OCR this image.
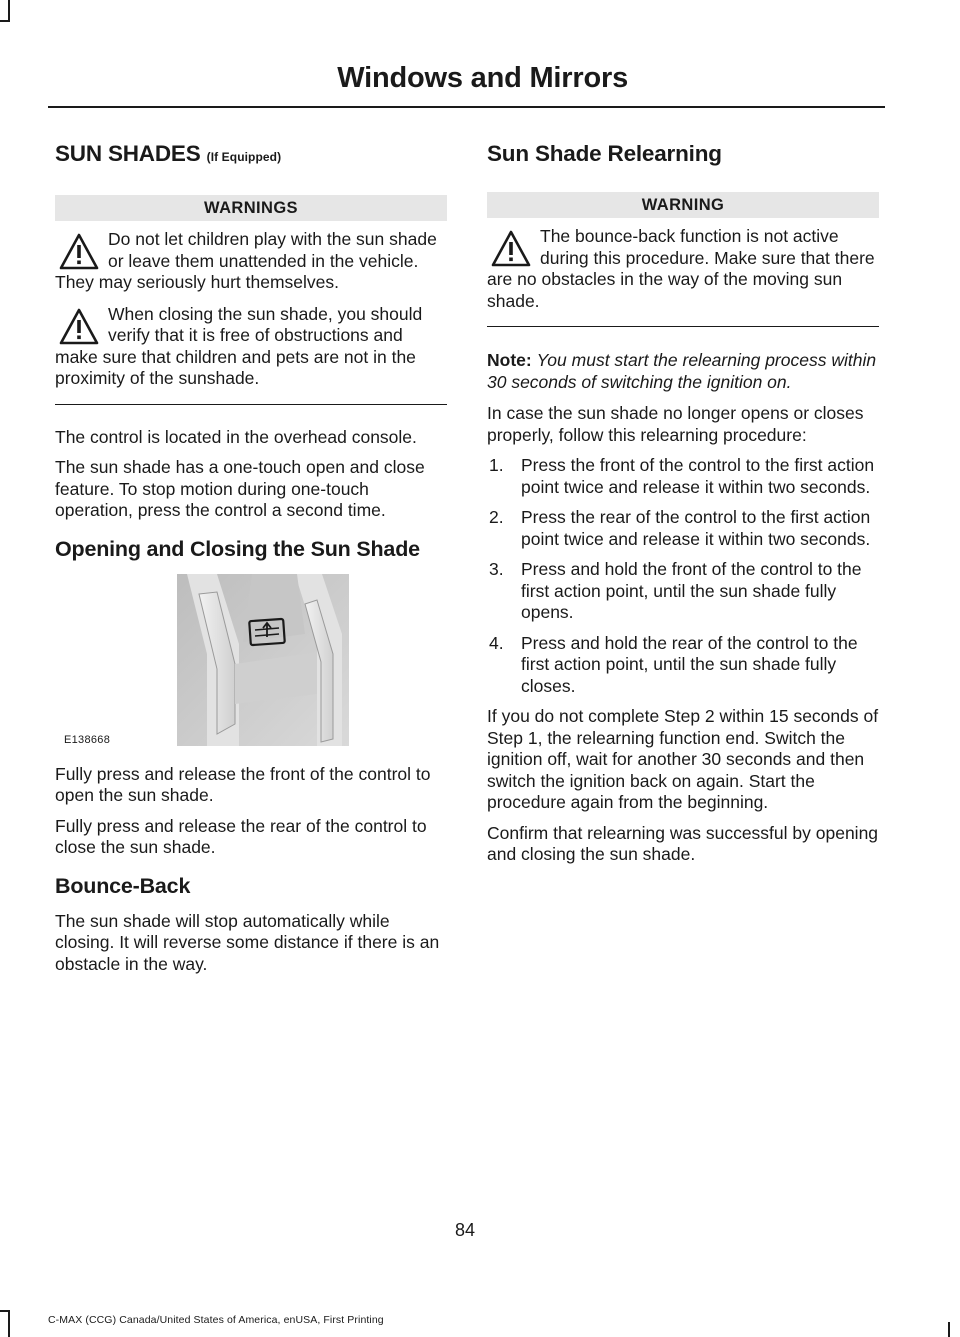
Windows and Mirrors
SUN SHADES (If Equipped)
WARNINGS
Do not let children play with the sun shade or leave them unattended in the vehicle. They may seriously hurt themselves.
When closing the sun shade, you should verify that it is free of obstructions and make sure that children and pets are not in the proximity of the sunshade.

The control is located in the overhead console.

The sun shade has a one-touch open and close feature. To stop motion during one-touch operation, press the control a second time.

Opening and Closing the Sun Shade
E138668

Fully press and release the front of the control to open the sun shade.

Fully press and release the rear of the control to close the sun shade.

Bounce-Back

The sun shade will stop automatically while closing. It will reverse some distance if there is an obstacle in the way.

Sun Shade Relearning
WARNING
The bounce-back function is not active during this procedure. Make sure that there are no obstacles in the way of the moving sun shade.

Note: You must start the relearning process within 30 seconds of switching the ignition on.

In case the sun shade no longer opens or closes properly, follow this relearning procedure:

1. Press the front of the control to the first action point twice and release it within two seconds.
2. Press the rear of the control to the first action point twice and release it within two seconds.
3. Press and hold the front of the control to the first action point, until the sun shade fully opens.
4. Press and hold the rear of the control to the first action point, until the sun shade fully closes.

If you do not complete Step 2 within 15 seconds of Step 1, the relearning function end. Switch the ignition off, wait for another 30 seconds and then switch the ignition back on again. Start the procedure again from the beginning.

Confirm that relearning was successful by opening and closing the sun shade.

84
C-MAX (CCG) Canada/United States of America, enUSA, First Printing
